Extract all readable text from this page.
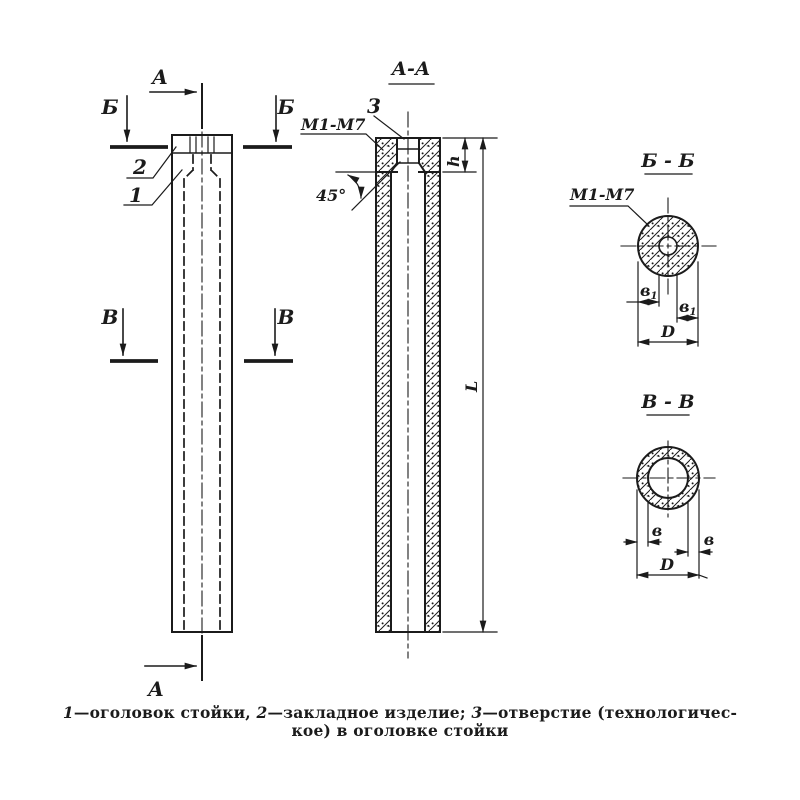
А
А
Б	Б
В	В
2
1
А-А
3
М1-М7
45°
h
L
Б - Б
М1-М7
в1
в1
D
В - В
в	в
D
1—оголовок стойки, 2—закладное изделие; 3—отверстие (технологичес-
кое) в оголовке стойки
